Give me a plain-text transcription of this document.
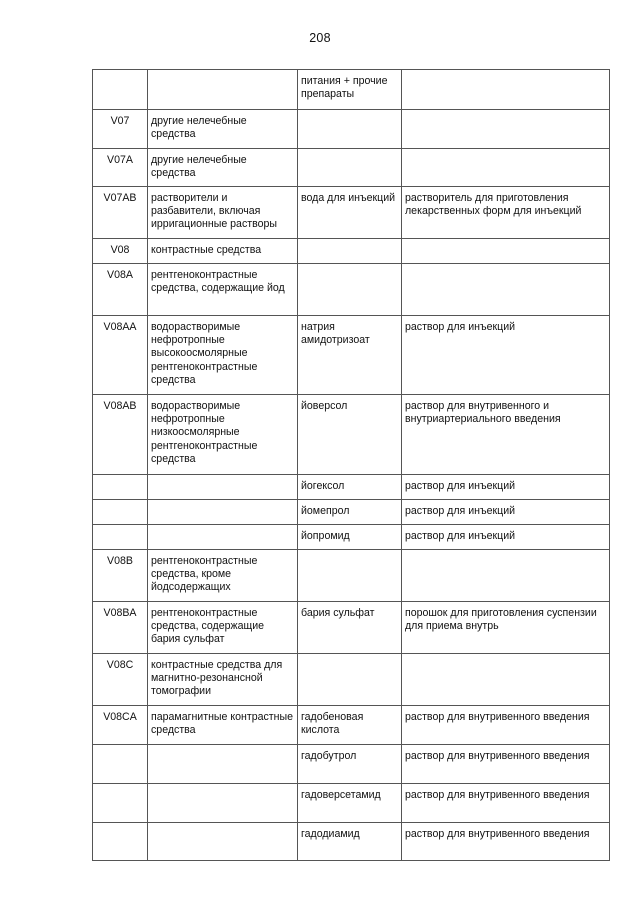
208
		питания + прочие препараты	
V07	другие нелечебные средства		
V07A	другие нелечебные средства		
V07AB	растворители и разбавители, включая ирригационные растворы	вода для инъекций	растворитель для приготовления лекарственных форм для инъекций
V08	контрастные средства		
V08A	рентгеноконтрастные средства, содержащие йод		
V08AA	водорастворимые нефротропные высокоосмолярные рентгеноконтрастные средства	натрия амидотризоат	раствор для инъекций
V08AB	водорастворимые нефротропные низкоосмолярные рентгеноконтрастные средства	йоверсол	раствор для внутривенного и внутриартериального введения
		йогексол	раствор для инъекций
		йомепрол	раствор для инъекций
		йопромид	раствор для инъекций
V08B	рентгеноконтрастные средства, кроме йодсодержащих		
V08BA	рентгеноконтрастные средства, содержащие бария сульфат	бария сульфат	порошок для приготовления суспензии для приема внутрь
V08C	контрастные средства для магнитно-резонансной томографии		
V08CA	парамагнитные контрастные средства	гадобеновая кислота	раствор для внутривенного введения
		гадобутрол	раствор для внутривенного введения
		гадоверсетамид	раствор для внутривенного введения
		гадодиамид	раствор для внутривенного введения
